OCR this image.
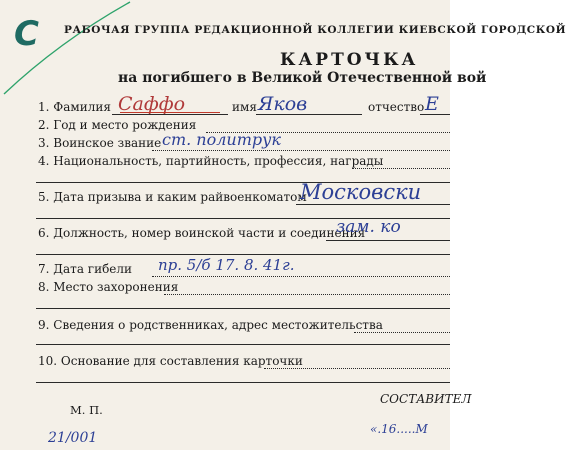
С РАБОЧАЯ ГРУППА РЕДАКЦИОННОЙ КОЛЛЕГИИ КИЕВСКОЙ ГОРОДСКОЙ
КАРТОЧКА
на погибшего в Великой Отечественной вой
1. Фамилия Саффо	имя Яков	отчество Е
2. Год и место рождения
3. Воинское звание ст. политрук
4. Национальность, партийность, профессия, награды
5. Дата призыва и каким райвоенкоматом
Московски
6. Должность, номер воинской части и соединения
зам. ко
7. Дата гибели пр. 5/б 17. 8. 41г.
8. Место захоронения
9. Сведения о родственниках, адрес местожительства
10. Основание для составления карточки
М. П.
СОСТАВИТЕЛ
«.16.....М
21/001
